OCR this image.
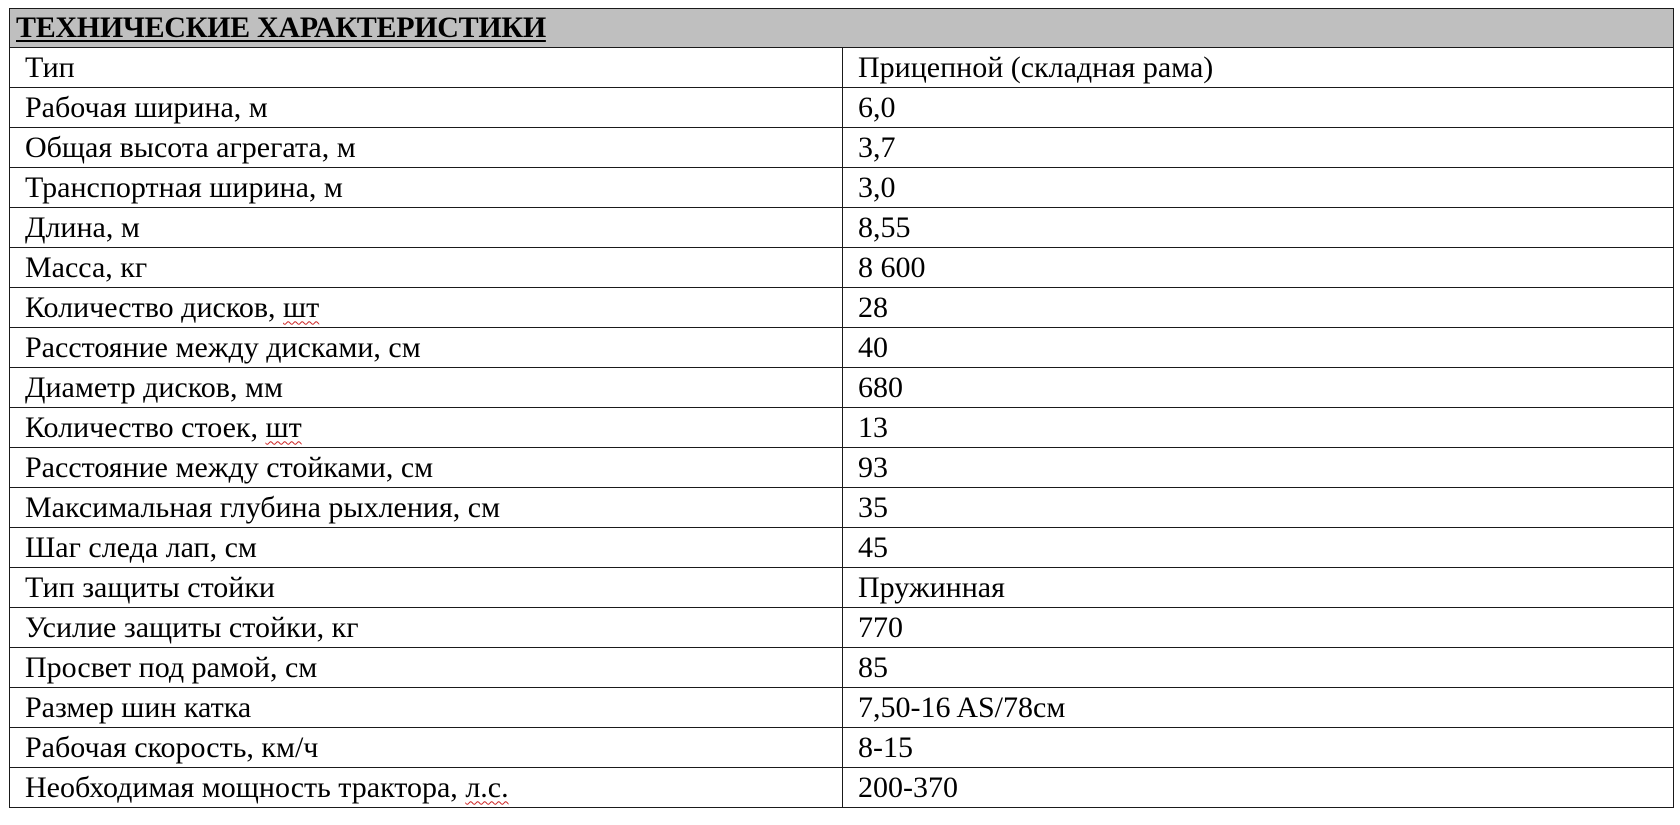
ТЕХНИЧЕСКИЕ ХАРАКТЕРИСТИКИ	
Тип	Прицепной (складная рама)
Рабочая ширина, м	6,0
Общая высота агрегата, м	3,7
Транспортная ширина, м	3,0
Длина, м	8,55
Масса, кг	8 600
Количество дисков, шт	28
Расстояние между дисками, см	40
Диаметр дисков, мм	680
Количество стоек, шт	13
Расстояние между стойками, см	93
Максимальная глубина рыхления, см	35
Шаг следа лап, см	45
Тип защиты стойки	Пружинная
Усилие защиты стойки, кг	770
Просвет под рамой, см	85
Размер шин катка	7,50-16 AS/78см
Рабочая скорость, км/ч	8-15
Необходимая мощность трактора, л.с.	200-370
